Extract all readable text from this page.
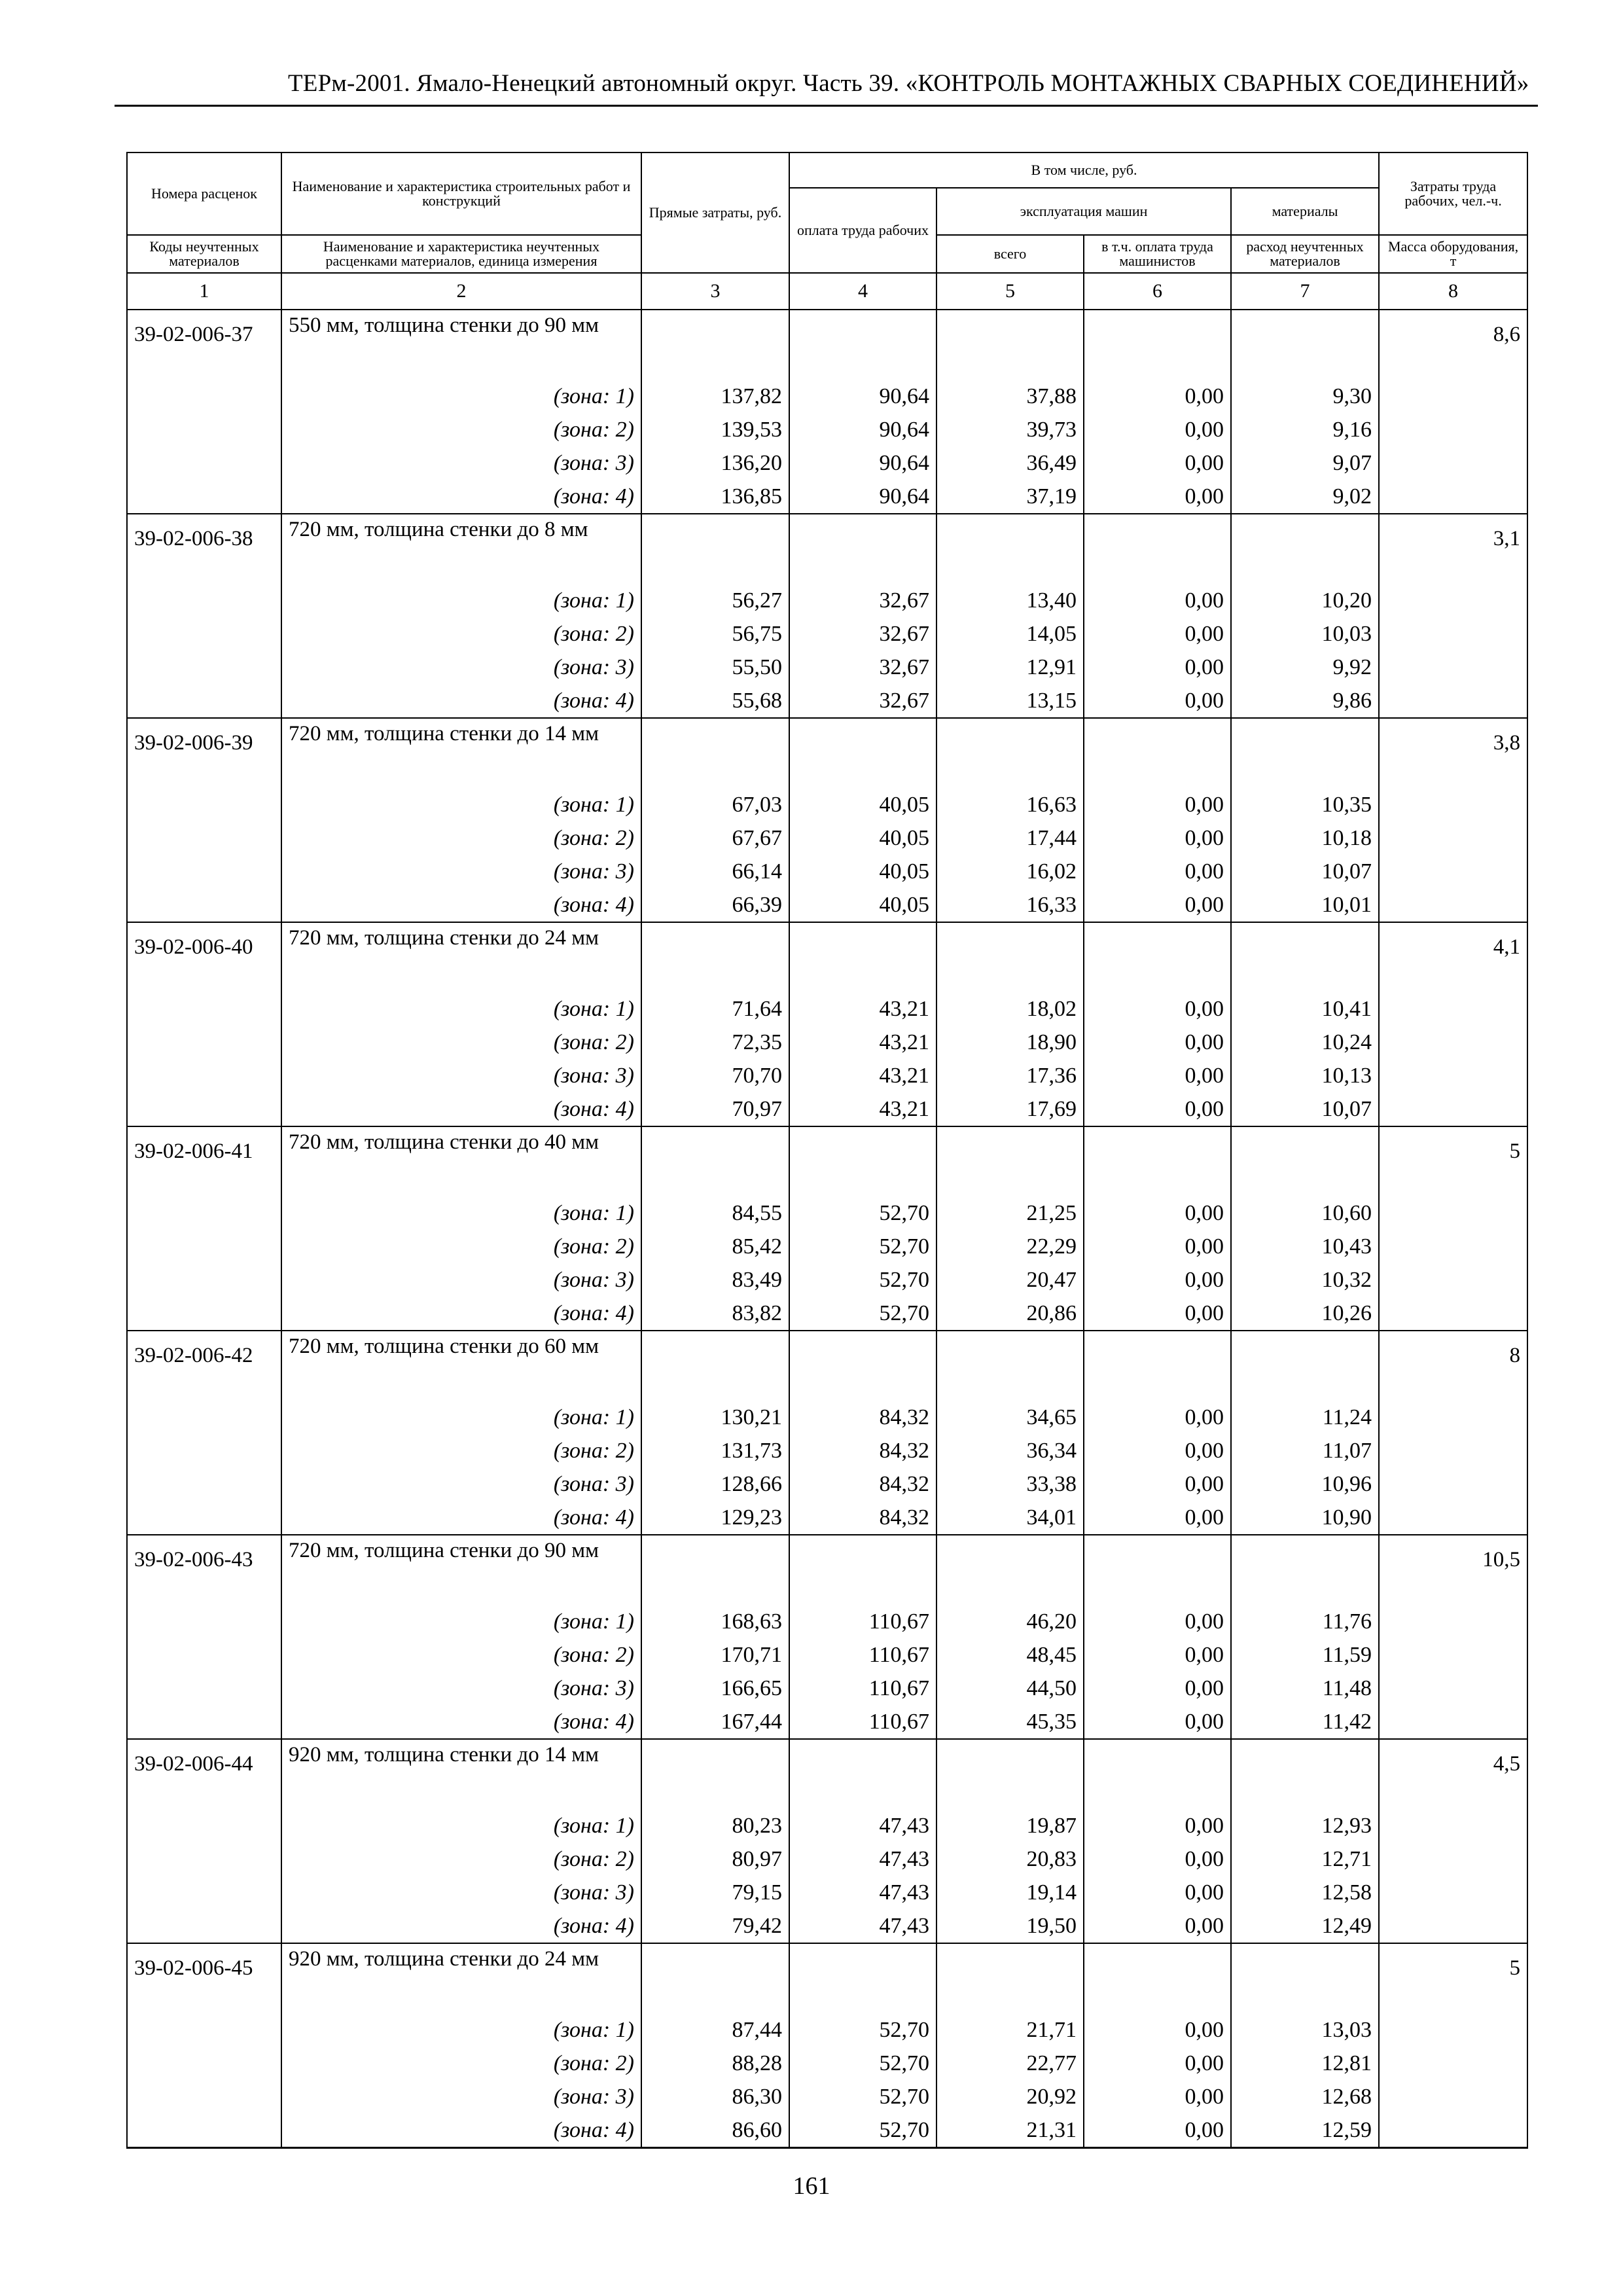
ТЕРм-2001. Ямало-Ненецкий автономный округ. Часть 39. «КОНТРОЛЬ МОНТАЖНЫХ СВАРНЫХ СОЕДИНЕНИЙ»
Номера расценок	Наименование и характеристика строительных работ и конструкций	Прямые затраты, руб.	В том числе, руб.				Затраты труда рабочих, чел.-ч.
			оплата труда рабочих	эксплуатация машин		материалы	
Коды неучтенных материалов	Наименование и характеристика неучтенных расценками материалов, единица измерения			всего	в т.ч. оплата труда машинистов	расход неучтенных материалов	Масса оборудования, т
1	2	3	4	5	6	7	8
39-02-006-37	550 мм, толщина стенки до 90 мм						8,6
	(зона: 1)	137,82	90,64	37,88	0,00	9,30	
	(зона: 2)	139,53	90,64	39,73	0,00	9,16	
	(зона: 3)	136,20	90,64	36,49	0,00	9,07	
	(зона: 4)	136,85	90,64	37,19	0,00	9,02	
39-02-006-38	720 мм, толщина стенки до 8 мм						3,1
	(зона: 1)	56,27	32,67	13,40	0,00	10,20	
	(зона: 2)	56,75	32,67	14,05	0,00	10,03	
	(зона: 3)	55,50	32,67	12,91	0,00	9,92	
	(зона: 4)	55,68	32,67	13,15	0,00	9,86	
39-02-006-39	720 мм, толщина стенки до 14 мм						3,8
	(зона: 1)	67,03	40,05	16,63	0,00	10,35	
	(зона: 2)	67,67	40,05	17,44	0,00	10,18	
	(зона: 3)	66,14	40,05	16,02	0,00	10,07	
	(зона: 4)	66,39	40,05	16,33	0,00	10,01	
39-02-006-40	720 мм, толщина стенки до 24 мм						4,1
	(зона: 1)	71,64	43,21	18,02	0,00	10,41	
	(зона: 2)	72,35	43,21	18,90	0,00	10,24	
	(зона: 3)	70,70	43,21	17,36	0,00	10,13	
	(зона: 4)	70,97	43,21	17,69	0,00	10,07	
39-02-006-41	720 мм, толщина стенки до 40 мм						5
	(зона: 1)	84,55	52,70	21,25	0,00	10,60	
	(зона: 2)	85,42	52,70	22,29	0,00	10,43	
	(зона: 3)	83,49	52,70	20,47	0,00	10,32	
	(зона: 4)	83,82	52,70	20,86	0,00	10,26	
39-02-006-42	720 мм, толщина стенки до 60 мм						8
	(зона: 1)	130,21	84,32	34,65	0,00	11,24	
	(зона: 2)	131,73	84,32	36,34	0,00	11,07	
	(зона: 3)	128,66	84,32	33,38	0,00	10,96	
	(зона: 4)	129,23	84,32	34,01	0,00	10,90	
39-02-006-43	720 мм, толщина стенки до 90 мм						10,5
	(зона: 1)	168,63	110,67	46,20	0,00	11,76	
	(зона: 2)	170,71	110,67	48,45	0,00	11,59	
	(зона: 3)	166,65	110,67	44,50	0,00	11,48	
	(зона: 4)	167,44	110,67	45,35	0,00	11,42	
39-02-006-44	920 мм, толщина стенки до 14 мм						4,5
	(зона: 1)	80,23	47,43	19,87	0,00	12,93	
	(зона: 2)	80,97	47,43	20,83	0,00	12,71	
	(зона: 3)	79,15	47,43	19,14	0,00	12,58	
	(зона: 4)	79,42	47,43	19,50	0,00	12,49	
39-02-006-45	920 мм, толщина стенки до 24 мм						5
	(зона: 1)	87,44	52,70	21,71	0,00	13,03	
	(зона: 2)	88,28	52,70	22,77	0,00	12,81	
	(зона: 3)	86,30	52,70	20,92	0,00	12,68	
	(зона: 4)	86,60	52,70	21,31	0,00	12,59	
161
